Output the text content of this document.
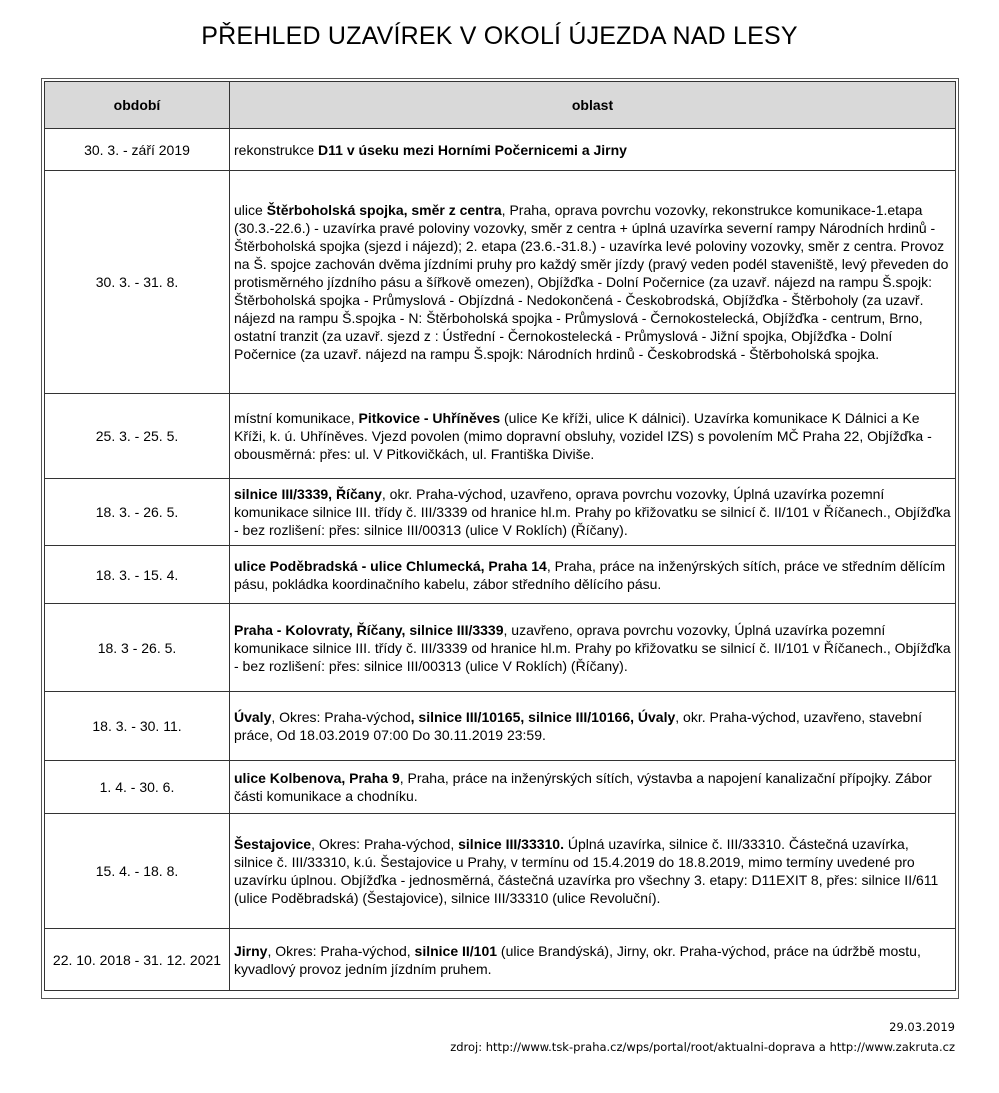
PŘEHLED UZAVÍREK V OKOLÍ ÚJEZDA NAD LESY
období	oblast
30. 3. - září 2019	rekonstrukce D11 v úseku mezi Horními Počernicemi a Jirny
30. 3. - 31. 8.	ulice Štěrboholská spojka, směr z centra, Praha, oprava povrchu vozovky, rekonstrukce komunikace-1.etapa (30.3.-22.6.) - uzavírka pravé poloviny vozovky, směr z centra + úplná uzavírka severní rampy Národních hrdinů - Štěrboholská spojka (sjezd i nájezd); 2. etapa (23.6.-31.8.) - uzavírka levé poloviny vozovky, směr z centra. Provoz na Š. spojce zachován dvěma jízdními pruhy pro každý směr jízdy (pravý veden podél staveniště, levý převeden do protisměrného jízdního pásu a šířkově omezen), Objížďka - Dolní Počernice (za uzavř. nájezd na rampu Š.spojk: Štěrboholská spojka - Průmyslová - Objízdná - Nedokončená - Českobrodská, Objížďka - Štěrboholy (za uzavř. nájezd na rampu Š.spojka - N: Štěrboholská spojka - Průmyslová - Černokostelecká, Objížďka - centrum, Brno, ostatní tranzit (za uzavř. sjezd z : Ústřední - Černokostelecká - Průmyslová - Jižní spojka, Objížďka - Dolní Počernice (za uzavř. nájezd na rampu Š.spojk: Národních hrdinů - Českobrodská - Štěrboholská spojka.
25. 3. - 25. 5.	místní komunikace, Pitkovice - Uhříněves (ulice Ke kříži, ulice K dálnici). Uzavírka komunikace K Dálnici a Ke Kříži, k. ú. Uhříněves. Vjezd povolen (mimo dopravní obsluhy, vozidel IZS) s povolením MČ Praha 22, Objížďka - obousměrná: přes: ul. V Pitkovičkách, ul. Františka Diviše.
18. 3. - 26. 5.	silnice III/3339, Říčany, okr. Praha-východ, uzavřeno, oprava povrchu vozovky, Úplná uzavírka pozemní komunikace silnice III. třídy č. III/3339 od hranice hl.m. Prahy po křižovatku se silnicí č. II/101 v Říčanech., Objížďka - bez rozlišení: přes: silnice III/00313 (ulice V Roklích) (Říčany).
18. 3. - 15. 4.	ulice Poděbradská - ulice Chlumecká, Praha 14, Praha, práce na inženýrských sítích, práce ve středním dělícím pásu, pokládka koordinačního kabelu, zábor středního dělícího pásu.
18. 3 - 26. 5.	Praha - Kolovraty, Říčany, silnice III/3339, uzavřeno, oprava povrchu vozovky, Úplná uzavírka pozemní komunikace silnice III. třídy č. III/3339 od hranice hl.m. Prahy po křižovatku se silnicí č. II/101 v Říčanech., Objížďka - bez rozlišení: přes: silnice III/00313 (ulice V Roklích) (Říčany).
18. 3. - 30. 11.	Úvaly, Okres: Praha-východ, silnice III/10165, silnice III/10166, Úvaly, okr. Praha-východ, uzavřeno, stavební práce, Od 18.03.2019 07:00 Do 30.11.2019 23:59.
1. 4. - 30. 6.	ulice Kolbenova, Praha 9, Praha, práce na inženýrských sítích, výstavba a napojení kanalizační přípojky. Zábor části komunikace a chodníku.
15. 4. - 18. 8.	Šestajovice, Okres: Praha-východ, silnice III/33310. Úplná uzavírka, silnice č. III/33310. Částečná uzavírka, silnice č. III/33310, k.ú. Šestajovice u Prahy, v termínu od 15.4.2019 do 18.8.2019, mimo termíny uvedené pro uzavírku úplnou. Objížďka - jednosměrná, částečná uzavírka pro všechny 3. etapy: D11EXIT 8, přes: silnice II/611 (ulice Poděbradská) (Šestajovice), silnice III/33310 (ulice Revoluční).
22. 10. 2018 - 31. 12. 2021	Jirny, Okres: Praha-východ, silnice II/101 (ulice Brandýská), Jirny, okr. Praha-východ, práce na údržbě mostu, kyvadlový provoz jedním jízdním pruhem.
29.03.2019
zdroj: http://www.tsk-praha.cz/wps/portal/root/aktualni-doprava a http://www.zakruta.cz
